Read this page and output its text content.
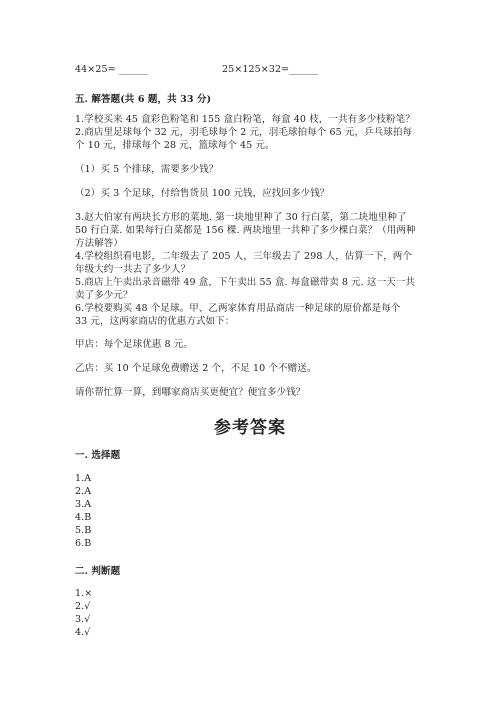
44×25= ______	25×125×32=______
五. 解答题(共 6 题，共 33 分)
1.学校买来 45 盒彩色粉笔和 155 盒白粉笔，每盒 40 枝，一共有多少枝粉笔？
2.商店里足球每个 32 元，羽毛球每个 2 元，羽毛球拍每个 65 元，乒乓球拍每
个 10 元，排球每个 28 元，篮球每个 45 元。
（1）买 5 个排球，需要多少钱？
（2）买 3 个足球，付给售货员 100 元钱，应找回多少钱？
3.赵大伯家有两块长方形的菜地. 第一块地里种了 30 行白菜，第二块地里种了
50 行白菜. 如果每行白菜都是 156 棵. 两块地里一共种了多少棵白菜？（用两种
方法解答）
4.学校组织看电影，二年级去了 205 人，三年级去了 298 人，估算一下，两个
年级大约一共去了多少人？
5.商店上午卖出录音磁带 49 盒，下午卖出 55 盒. 每盒磁带卖 8 元. 这一天一共
卖了多少元？
6.学校要购买 48 个足球。甲、乙两家体育用品商店一种足球的原价都是每个
33 元，这两家商店的优惠方式如下：
甲店：每个足球优惠 8 元。
乙店：买 10 个足球免费赠送 2 个，不足 10 个不赠送。
请你帮忙算一算，到哪家商店买更便宜？便宜多少钱？
参考答案
一. 选择题
1.A
2.A
3.A
4.B
5.B
6.B
二. 判断题
1.×
2.√
3.√
4.√
